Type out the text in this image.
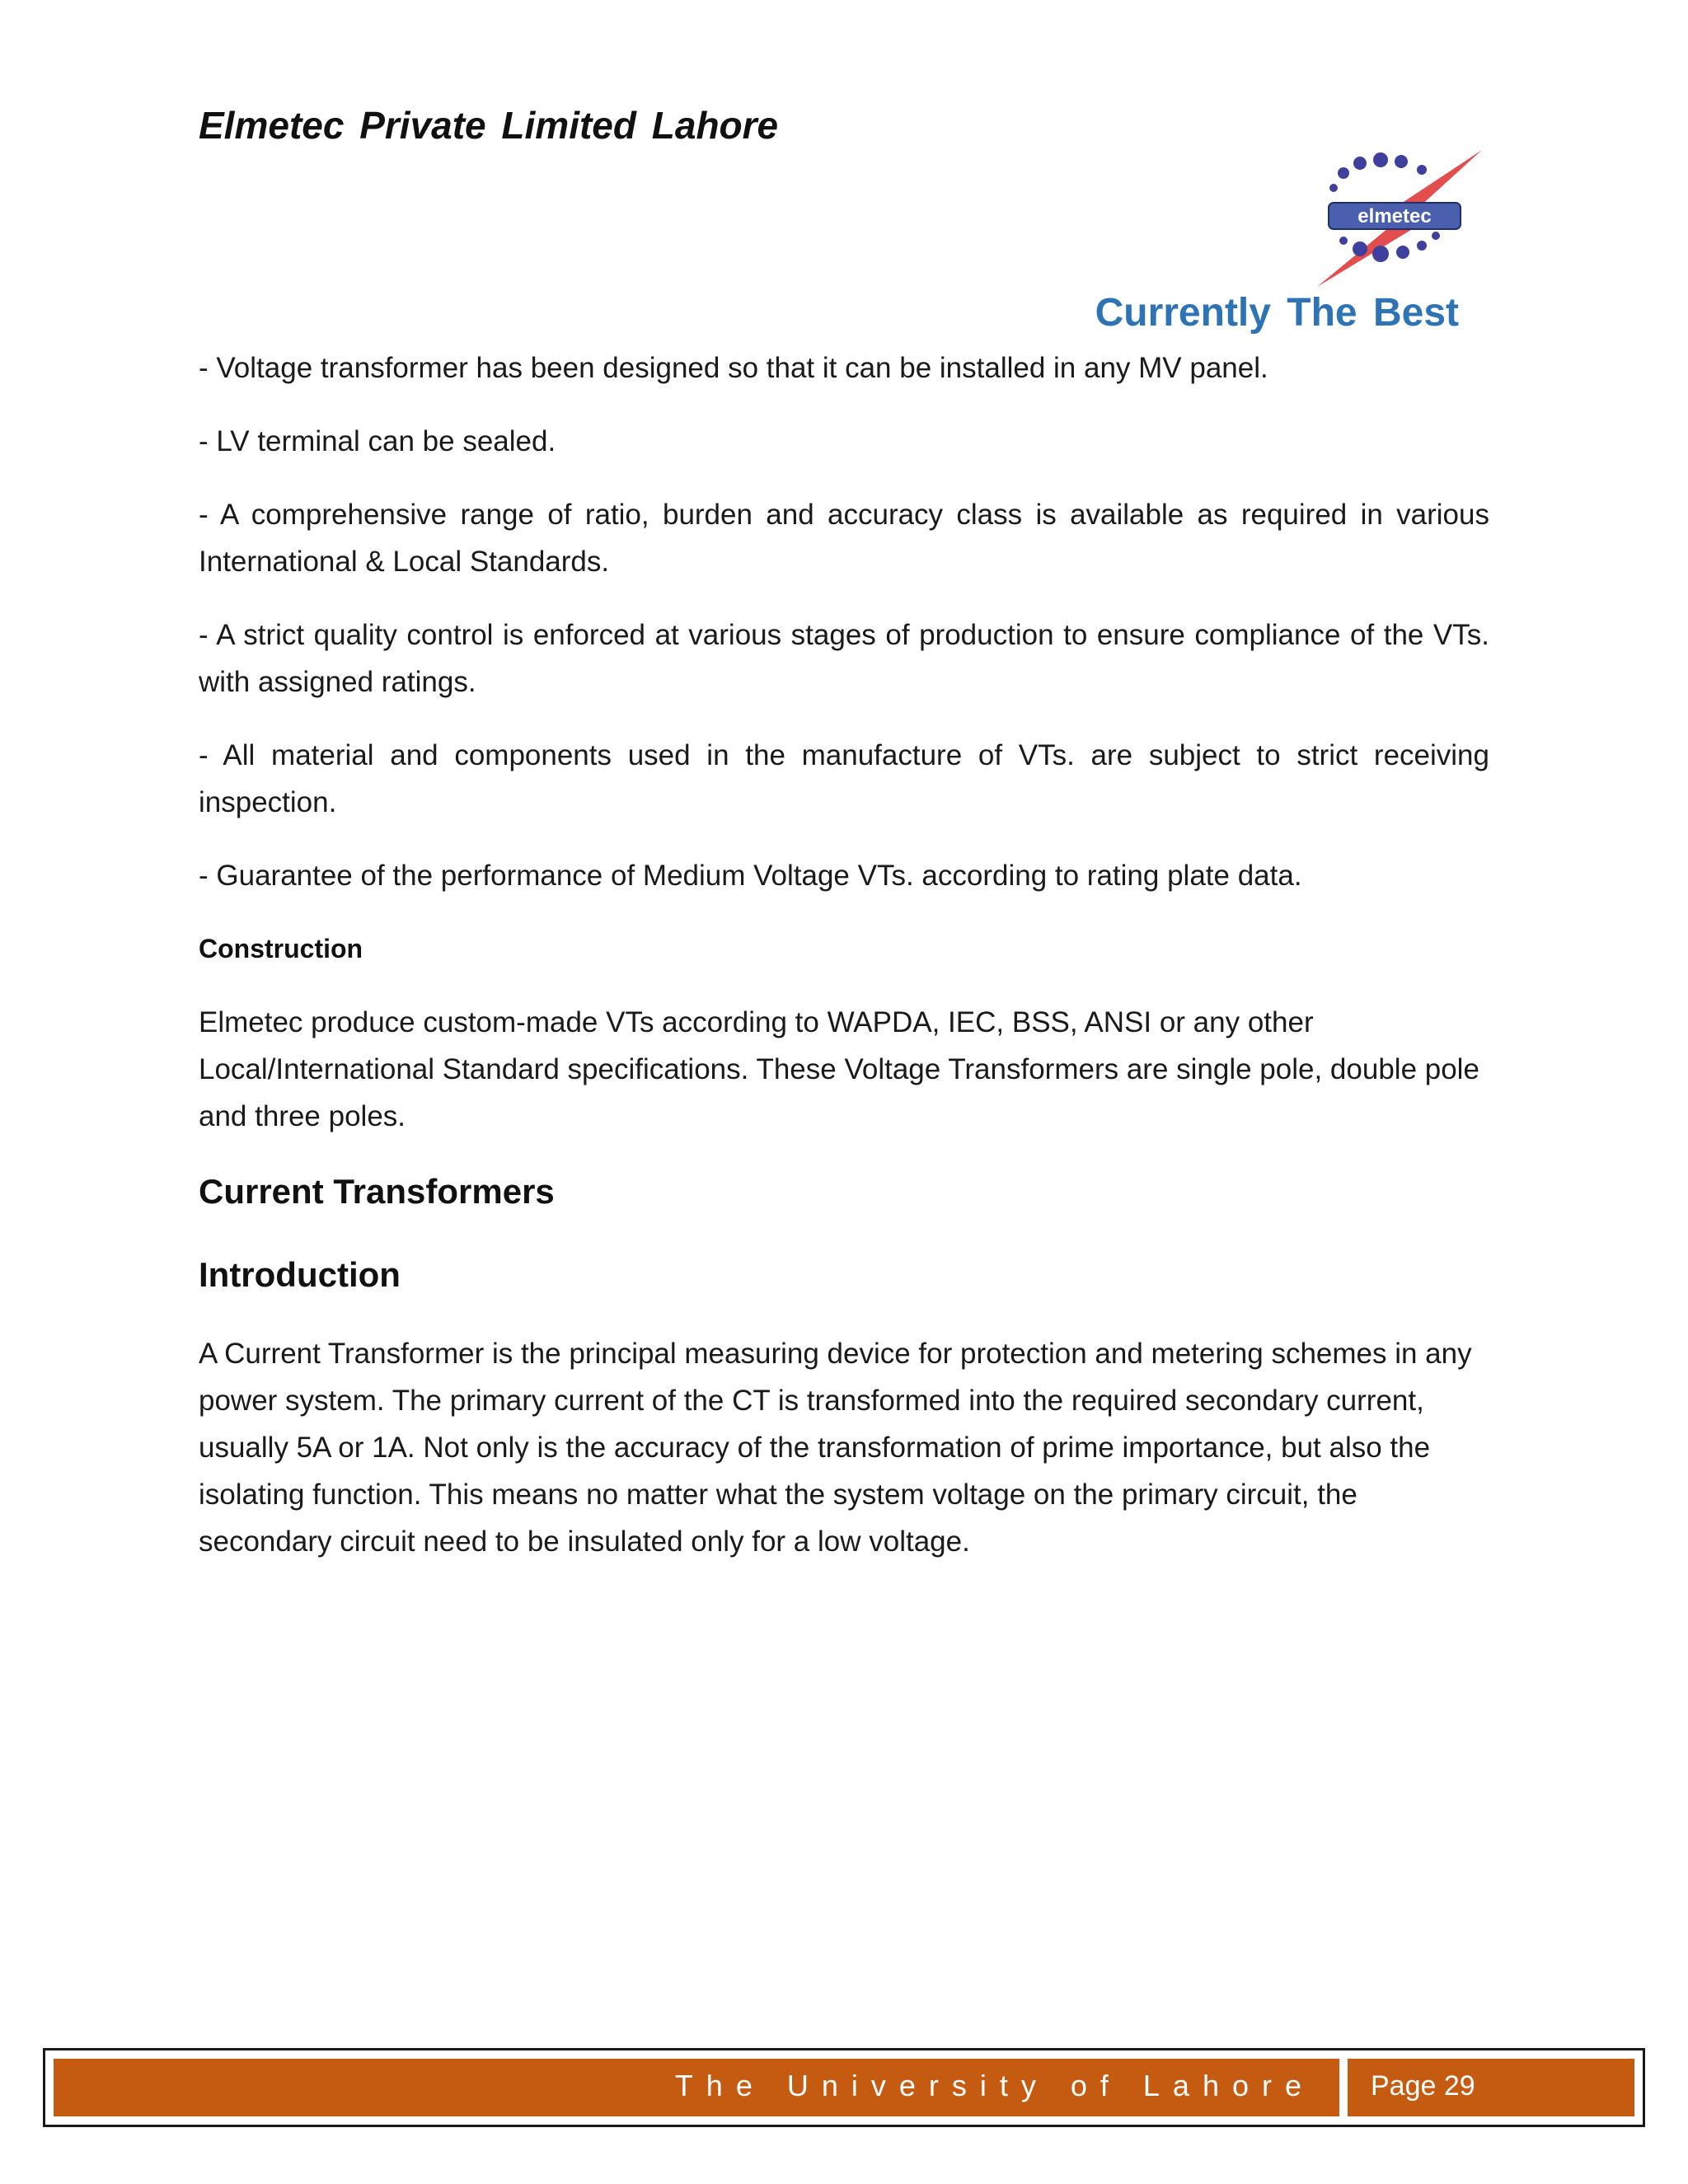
Elmetec Private Limited Lahore
elmetec
Currently The Best

- Voltage transformer has been designed so that it can be installed in any MV panel.

- LV terminal can be sealed.

- A comprehensive range of ratio, burden and accuracy class is available as required in various International & Local Standards.

- A strict quality control is enforced at various stages of production to ensure compliance of the VTs. with assigned ratings.

- All material and components used in the manufacture of VTs. are subject to strict receiving inspection.

- Guarantee of the performance of Medium Voltage VTs. according to rating plate data.

Construction

Elmetec produce custom-made VTs according to WAPDA, IEC, BSS, ANSI or any other Local/International Standard specifications. These Voltage Transformers are single pole, double pole and three poles.

Current Transformers
Introduction

A Current Transformer is the principal measuring device for protection and metering schemes in any power system. The primary current of the CT is transformed into the required secondary current, usually 5A or 1A. Not only is the accuracy of the transformation of prime importance, but also the isolating function. This means no matter what the system voltage on the primary circuit, the secondary circuit need to be insulated only for a low voltage.

The University of Lahore Page 29
